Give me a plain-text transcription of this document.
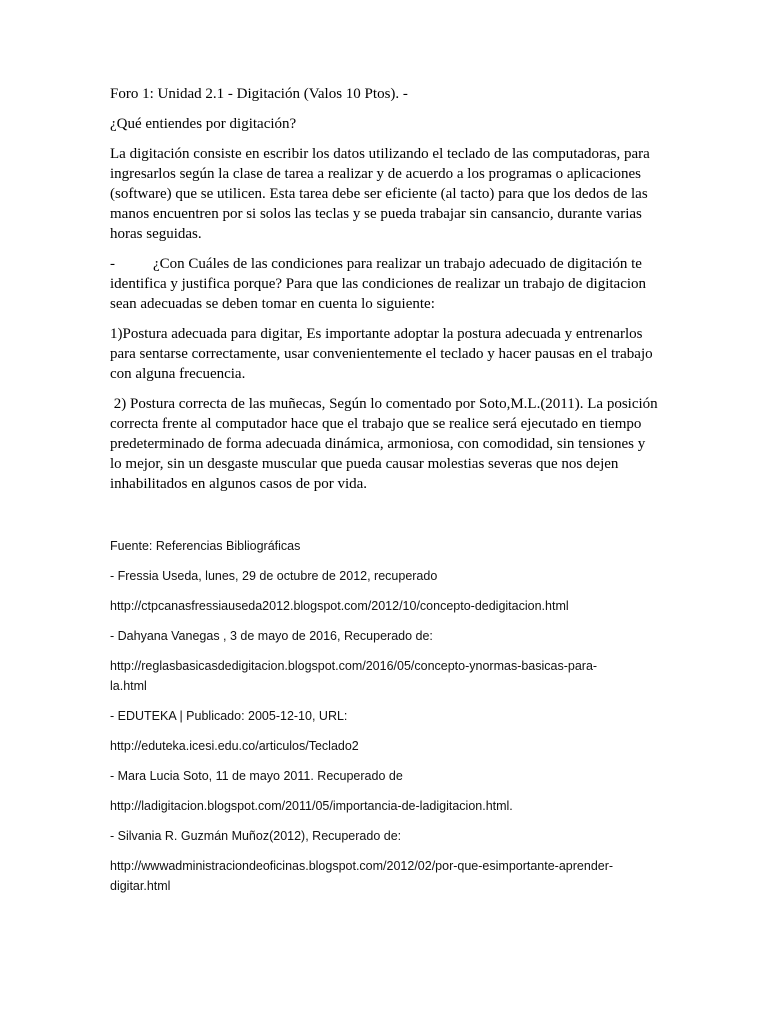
Foro 1: Unidad 2.1 - Digitación (Valos 10 Ptos). -

¿Qué entiendes por digitación?

La digitación consiste en escribir los datos utilizando el teclado de las computadoras, para ingresarlos según la clase de tarea a realizar y de acuerdo a los programas o aplicaciones (software) que se utilicen. Esta tarea debe ser eficiente (al tacto) para que los dedos de las manos encuentren por si solos las teclas y se pueda trabajar sin cansancio, durante varias horas seguidas.

-	¿Con Cuáles de las condiciones para realizar un trabajo adecuado de digitación te identifica y justifica porque? Para que las condiciones de realizar un trabajo de digitacion sean adecuadas se deben tomar en cuenta lo siguiente:

1)Postura adecuada para digitar, Es importante adoptar la postura adecuada y entrenarlos para sentarse correctamente, usar convenientemente el teclado y hacer pausas en el trabajo con alguna frecuencia.

2) Postura correcta de las muñecas, Según lo comentado por Soto,M.L.(2011). La posición correcta frente al computador hace que el trabajo que se realice será ejecutado en tiempo predeterminado de forma adecuada dinámica, armoniosa, con comodidad, sin tensiones y lo mejor, sin un desgaste muscular que pueda causar molestias severas que nos dejen inhabilitados en algunos casos de por vida.

Fuente: Referencias Bibliográficas

- Fressia Useda, lunes, 29 de octubre de 2012, recuperado

http://ctpcanasfressiauseda2012.blogspot.com/2012/10/concepto-dedigitacion.html

- Dahyana Vanegas , 3 de mayo de 2016, Recuperado de:

http://reglasbasicasdedigitacion.blogspot.com/2016/05/concepto-ynormas-basicas-para-la.html

- EDUTEKA | Publicado: 2005-12-10, URL:

http://eduteka.icesi.edu.co/articulos/Teclado2

- Mara Lucia Soto, 11 de mayo 2011. Recuperado de

http://ladigitacion.blogspot.com/2011/05/importancia-de-ladigitacion.html.

- Silvania R. Guzmán Muñoz(2012), Recuperado de:

http://wwwadministraciondeoficinas.blogspot.com/2012/02/por-que-esimportante-aprender-digitar.html
